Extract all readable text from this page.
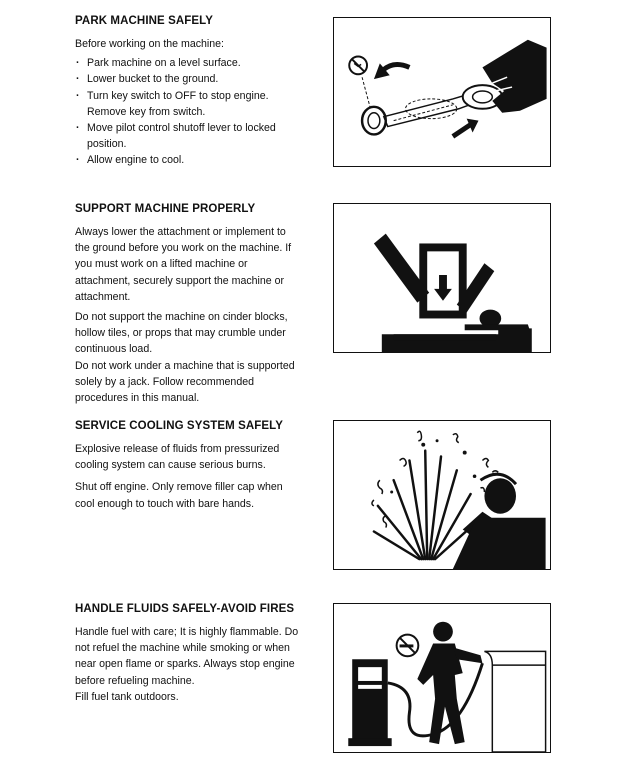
PARK MACHINE SAFELY
Before working on the machine:
· Park machine on a level surface.
· Lower bucket to the ground.
· Turn key switch to OFF to stop engine. Remove key from switch.
· Move pilot control shutoff lever to locked position.
· Allow engine to cool.
SUPPORT MACHINE PROPERLY
Always lower the attachment or implement to the ground before you work on the machine. If you must work on a lifted machine or attachment, securely support the machine or attachment.
Do not support the machine on cinder blocks, hollow tiles, or props that may crumble under continuous load.
Do not work under a machine that is supported solely by a jack. Follow recommended procedures in this manual.
SERVICE COOLING SYSTEM SAFELY
Explosive release of fluids from pressurized cooling system can cause serious burns.
Shut off engine. Only remove filler cap when cool enough to touch with bare hands.
HANDLE FLUIDS SAFELY-AVOID FIRES
Handle fuel with care; It is highly flammable. Do not refuel the machine while smoking or when near open flame or sparks. Always stop engine before refueling machine.
Fill fuel tank outdoors.
